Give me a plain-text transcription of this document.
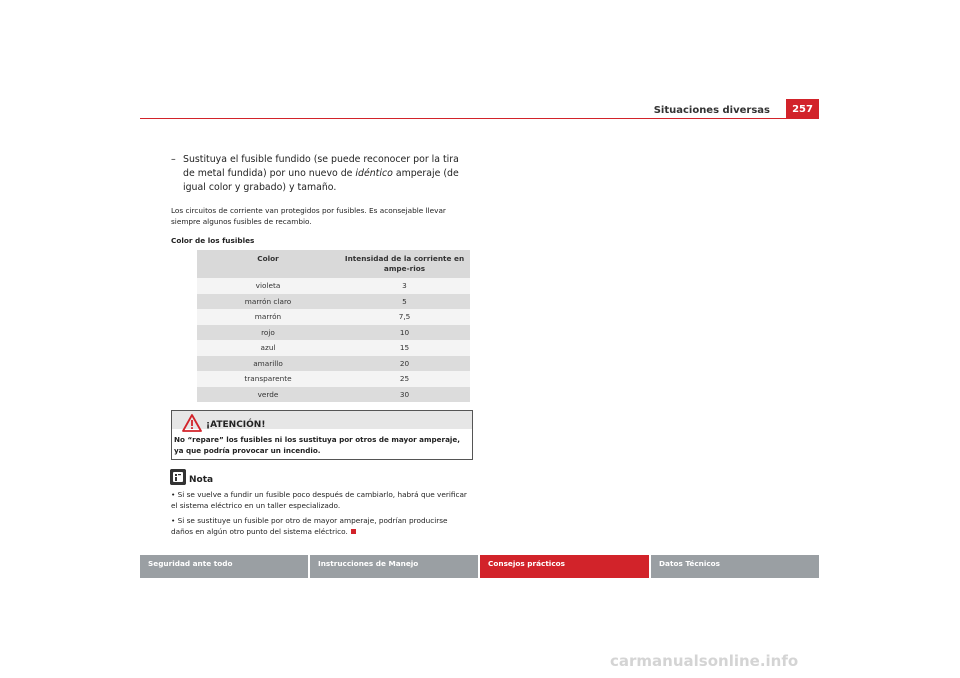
Situaciones diversas	257
– Sustituya el fusible fundido (se puede reconocer por la tira de metal fundida) por uno nuevo de idéntico amperaje (de igual color y grabado) y tamaño.
Los circuitos de corriente van protegidos por fusibles. Es aconsejable llevar siempre algunos fusibles de recambio.
Color de los fusibles
Color	Intensidad de la corriente en ampe-rios
violeta	3
marrón claro	5
marrón	7,5
rojo	10
azul	15
amarillo	20
transparente	25
verde	30
¡ATENCIÓN!
No “repare” los fusibles ni los sustituya por otros de mayor amperaje, ya que podría provocar un incendio.
Nota
• Si se vuelve a fundir un fusible poco después de cambiarlo, habrá que verificar el sistema eléctrico en un taller especializado.
• Si se sustituye un fusible por otro de mayor amperaje, podrían producirse daños en algún otro punto del sistema eléctrico.
Seguridad ante todo	Instrucciones de Manejo	Consejos prácticos	Datos Técnicos
carmanualsonline.info
